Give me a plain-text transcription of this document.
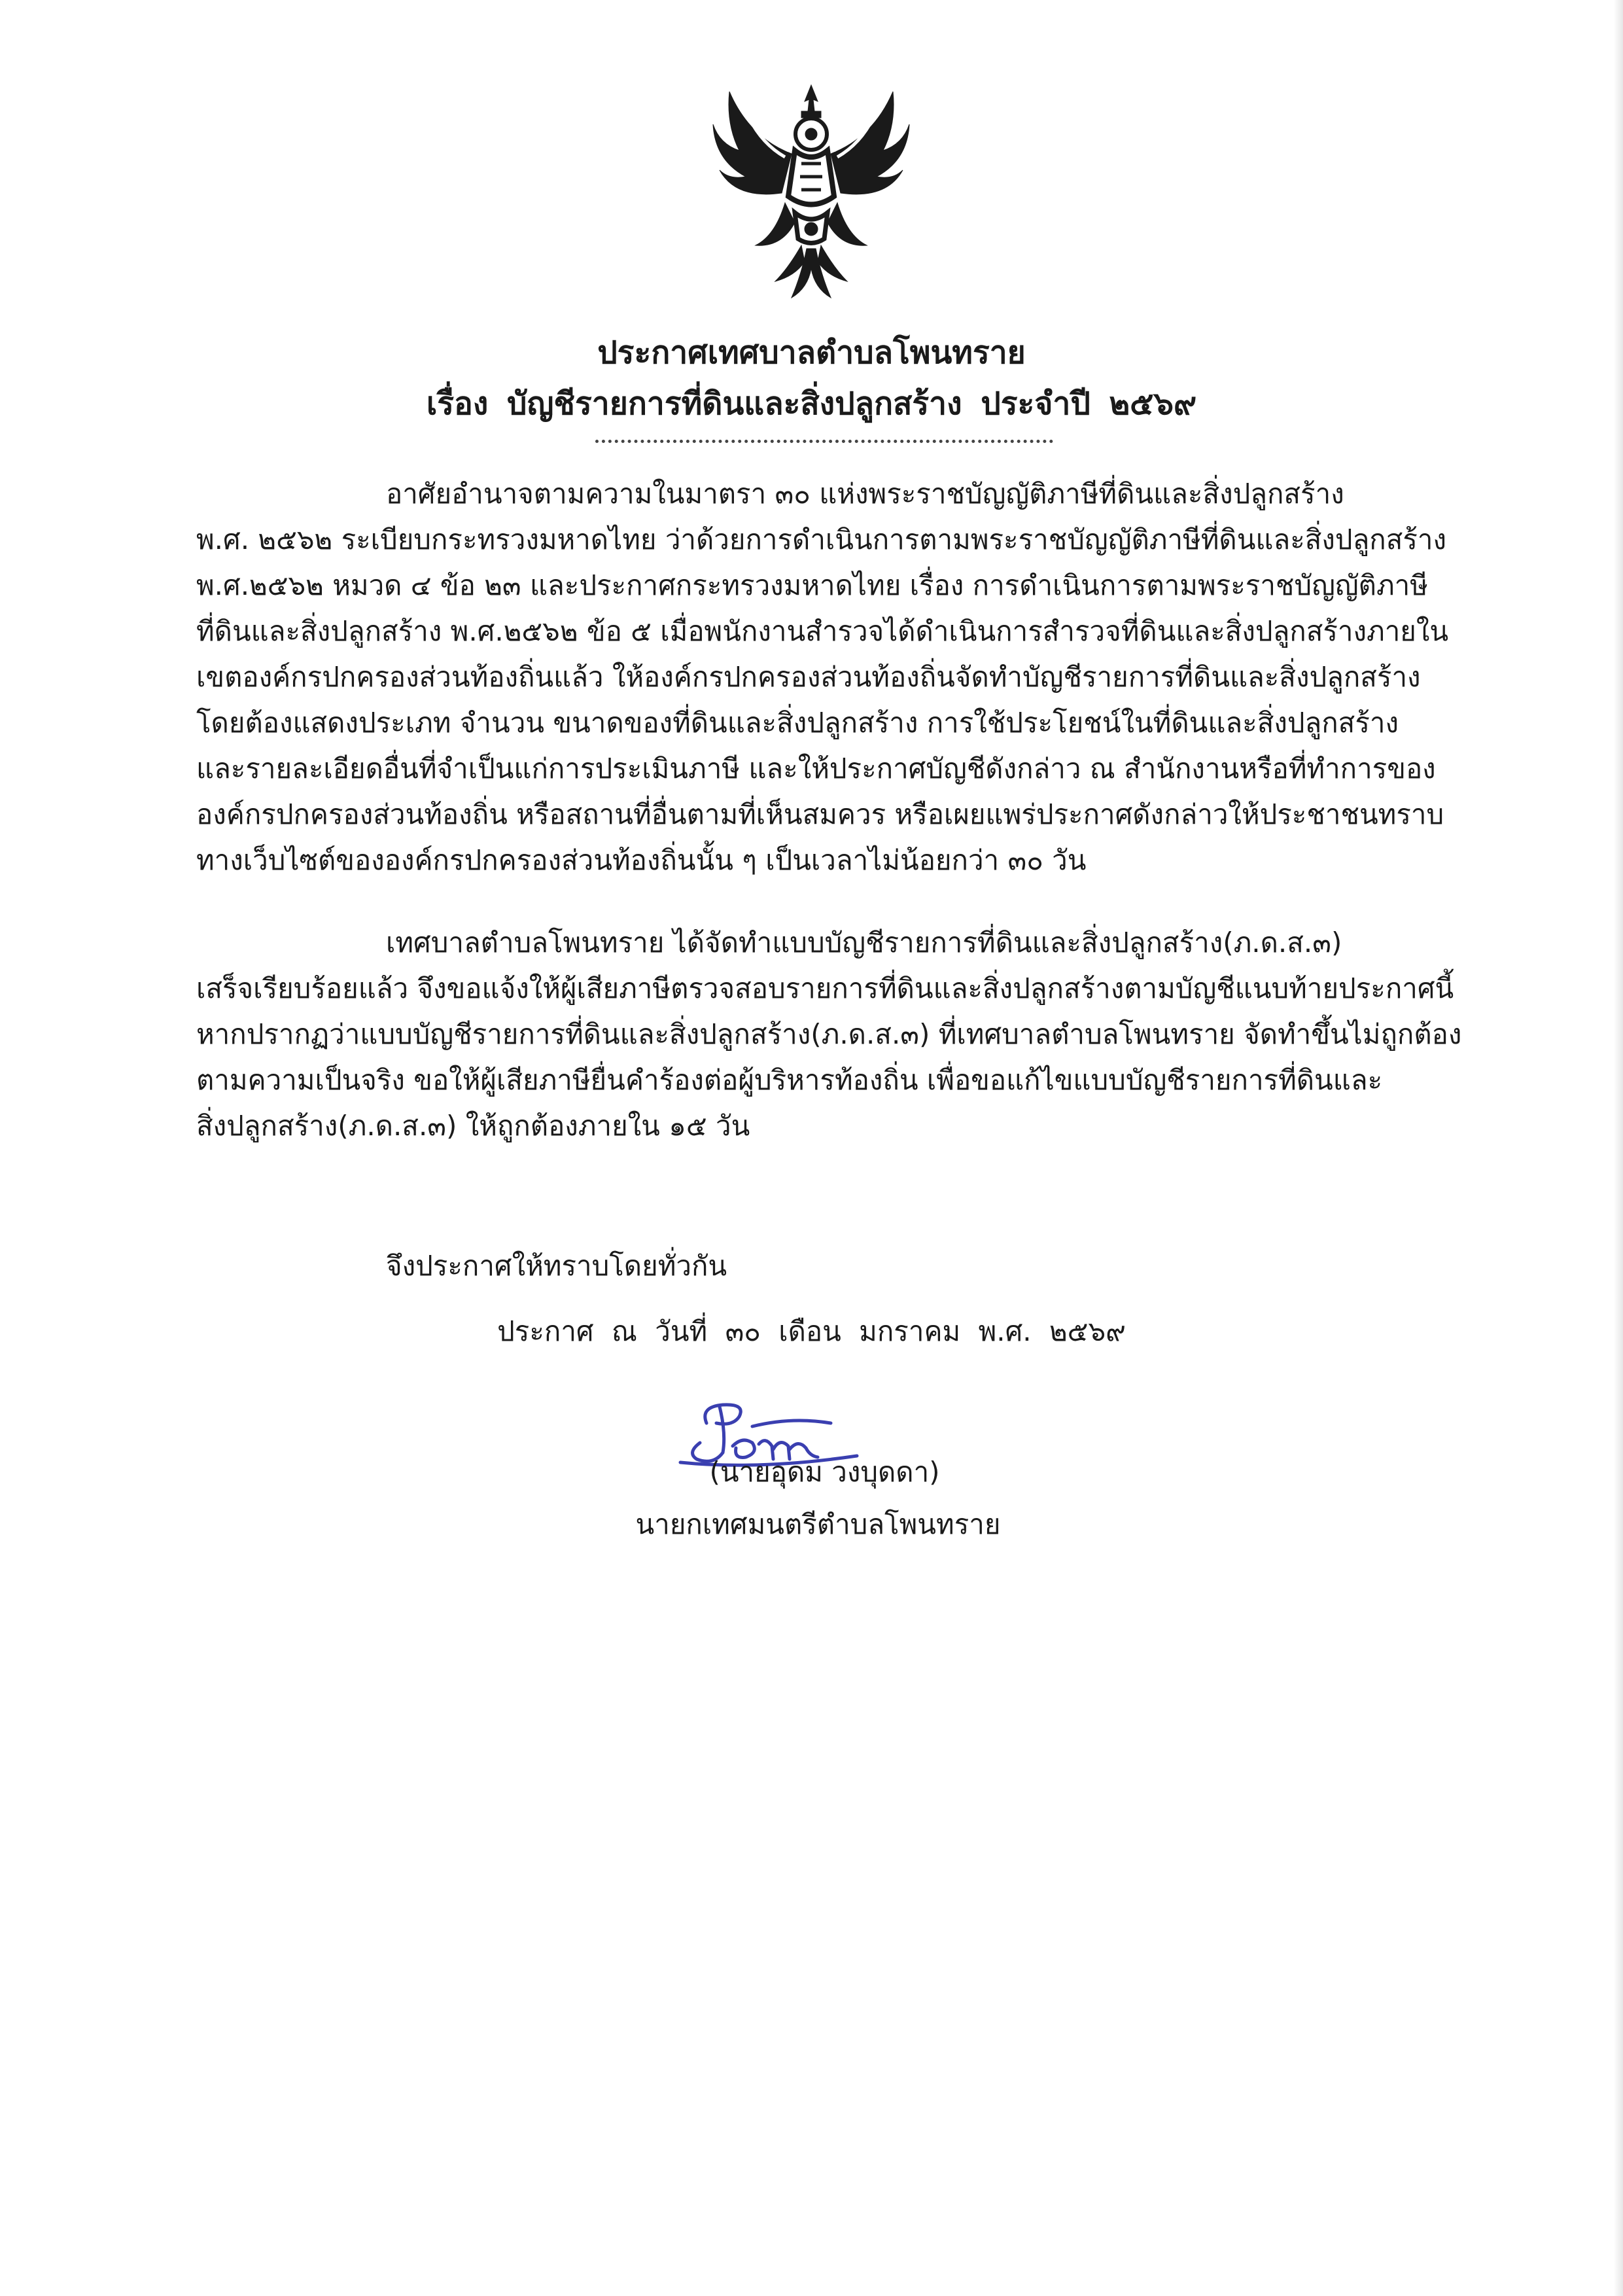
ประกาศเทศบาลตำบลโพนทราย
เรื่อง บัญชีรายการที่ดินและสิ่งปลูกสร้าง ประจำปี ๒๕๖๙

อาศัยอำนาจตามความในมาตรา ๓๐ แห่งพระราชบัญญัติภาษีที่ดินและสิ่งปลูกสร้าง

พ.ศ. ๒๕๖๒ ระเบียบกระทรวงมหาดไทย ว่าด้วยการดำเนินการตามพระราชบัญญัติภาษีที่ดินและสิ่งปลูกสร้าง

พ.ศ.๒๕๖๒ หมวด ๔ ข้อ ๒๓ และประกาศกระทรวงมหาดไทย เรื่อง การดำเนินการตามพระราชบัญญัติภาษี

ที่ดินและสิ่งปลูกสร้าง พ.ศ.๒๕๖๒ ข้อ ๕ เมื่อพนักงานสำรวจได้ดำเนินการสำรวจที่ดินและสิ่งปลูกสร้างภายใน

เขตองค์กรปกครองส่วนท้องถิ่นแล้ว ให้องค์กรปกครองส่วนท้องถิ่นจัดทำบัญชีรายการที่ดินและสิ่งปลูกสร้าง

โดยต้องแสดงประเภท จำนวน ขนาดของที่ดินและสิ่งปลูกสร้าง การใช้ประโยชน์ในที่ดินและสิ่งปลูกสร้าง

และรายละเอียดอื่นที่จำเป็นแก่การประเมินภาษี และให้ประกาศบัญชีดังกล่าว ณ สำนักงานหรือที่ทำการของ

องค์กรปกครองส่วนท้องถิ่น หรือสถานที่อื่นตามที่เห็นสมควร หรือเผยแพร่ประกาศดังกล่าวให้ประชาชนทราบ

ทางเว็บไซต์ขององค์กรปกครองส่วนท้องถิ่นนั้น ๆ เป็นเวลาไม่น้อยกว่า ๓๐ วัน

เทศบาลตำบลโพนทราย ได้จัดทำแบบบัญชีรายการที่ดินและสิ่งปลูกสร้าง(ภ.ด.ส.๓)

เสร็จเรียบร้อยแล้ว จึงขอแจ้งให้ผู้เสียภาษีตรวจสอบรายการที่ดินและสิ่งปลูกสร้างตามบัญชีแนบท้ายประกาศนี้

หากปรากฏว่าแบบบัญชีรายการที่ดินและสิ่งปลูกสร้าง(ภ.ด.ส.๓) ที่เทศบาลตำบลโพนทราย จัดทำขึ้นไม่ถูกต้อง

ตามความเป็นจริง ขอให้ผู้เสียภาษียื่นคำร้องต่อผู้บริหารท้องถิ่น เพื่อขอแก้ไขแบบบัญชีรายการที่ดินและ

สิ่งปลูกสร้าง(ภ.ด.ส.๓) ให้ถูกต้องภายใน ๑๕ วัน

จึงประกาศให้ทราบโดยทั่วกัน
ประกาศ ณ วันที่ ๓๐ เดือน มกราคม พ.ศ. ๒๕๖๙
(นายอุดม วงบุดดา)
นายกเทศมนตรีตำบลโพนทราย
